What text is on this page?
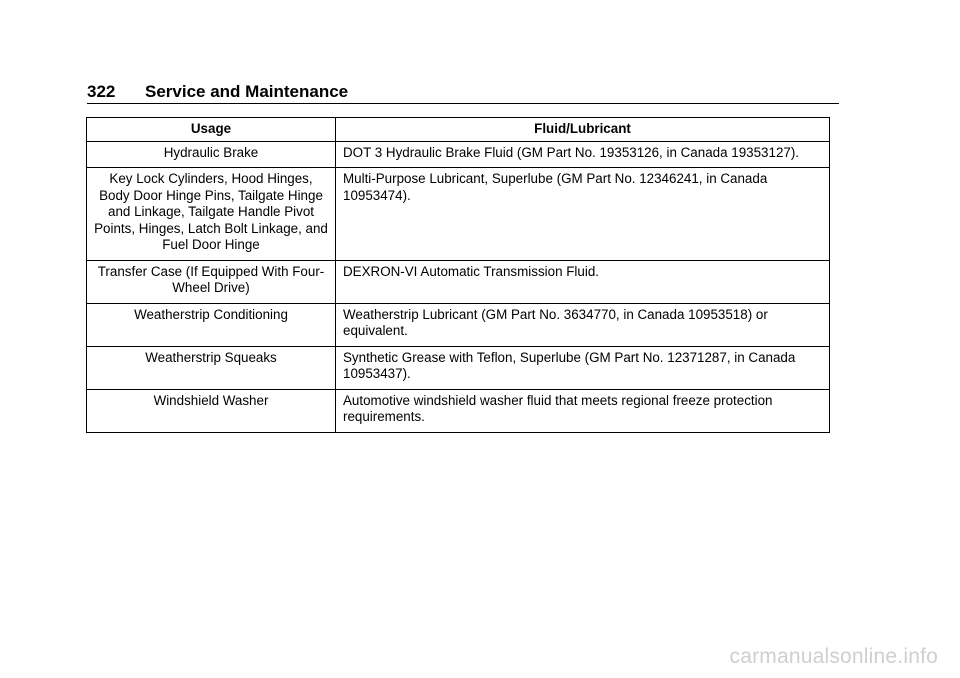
322	Service and Maintenance
Usage	Fluid/Lubricant
Hydraulic Brake	DOT 3 Hydraulic Brake Fluid (GM Part No. 19353126, in Canada 19353127).
Key Lock Cylinders, Hood Hinges, Body Door Hinge Pins, Tailgate Hinge and Linkage, Tailgate Handle Pivot Points, Hinges, Latch Bolt Linkage, and Fuel Door Hinge	Multi-Purpose Lubricant, Superlube (GM Part No. 12346241, in Canada 10953474).
Transfer Case (If Equipped With Four-Wheel Drive)	DEXRON-VI Automatic Transmission Fluid.
Weatherstrip Conditioning	Weatherstrip Lubricant (GM Part No. 3634770, in Canada 10953518) or equivalent.
Weatherstrip Squeaks	Synthetic Grease with Teflon, Superlube (GM Part No. 12371287, in Canada 10953437).
Windshield Washer	Automotive windshield washer fluid that meets regional freeze protection requirements.
carmanualsonline.info
